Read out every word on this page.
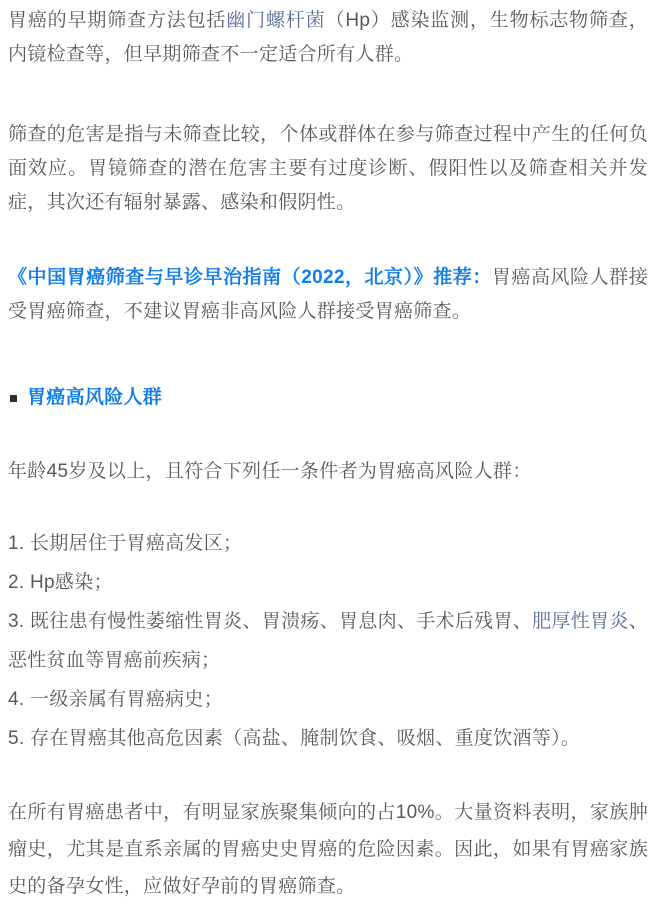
胃癌的早期筛查方法包括幽门螺杆菌（Hp）感染监测，生物标志物筛查，内镜检查等，但早期筛查不一定适合所有人群。

筛查的危害是指与未筛查比较，个体或群体在参与筛查过程中产生的任何负面效应。胃镜筛查的潜在危害主要有过度诊断、假阳性以及筛查相关并发症，其次还有辐射暴露、感染和假阴性。

《中国胃癌筛查与早诊早治指南（2022，北京）》推荐：胃癌高风险人群接受胃癌筛查，不建议胃癌非高风险人群接受胃癌筛查。

胃癌高风险人群

年龄45岁及以上，且符合下列任一条件者为胃癌高风险人群：

1. 长期居住于胃癌高发区；
2. Hp感染；
3. 既往患有慢性萎缩性胃炎、胃溃疡、胃息肉、手术后残胃、肥厚性胃炎、恶性贫血等胃癌前疾病；
4. 一级亲属有胃癌病史；
5. 存在胃癌其他高危因素（高盐、腌制饮食、吸烟、重度饮酒等）。

在所有胃癌患者中，有明显家族聚集倾向的占10%。大量资料表明，家族肿瘤史，尤其是直系亲属的胃癌史史胃癌的危险因素。因此，如果有胃癌家族史的备孕女性，应做好孕前的胃癌筛查。
